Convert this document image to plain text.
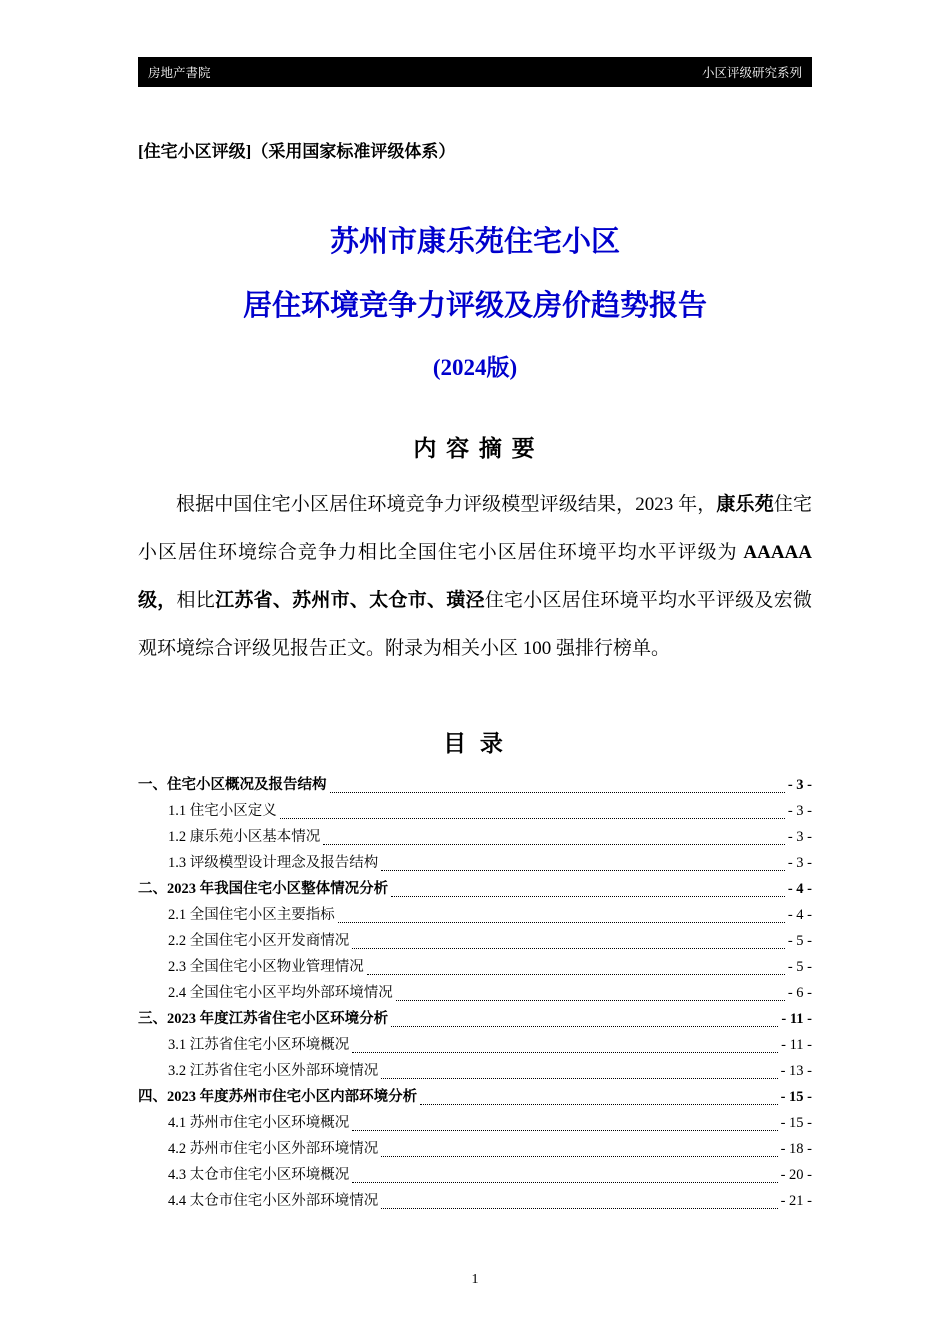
房地产書院	小区评级研究系列
[住宅小区评级]（采用国家标准评级体系）
苏州市康乐苑住宅小区
居住环境竞争力评级及房价趋势报告
(2024版)
内 容 摘 要

根据中国住宅小区居住环境竞争力评级模型评级结果，2023 年，康乐苑住宅小区居住环境综合竞争力相比全国住宅小区居住环境平均水平评级为 AAAAA 级，相比江苏省、苏州市、太仓市、璜泾住宅小区居住环境平均水平评级及宏微观环境综合评级见报告正文。附录为相关小区 100 强排行榜单。

目 录
一、住宅小区概况及报告结构	- 3 -
1.1 住宅小区定义	- 3 -
1.2 康乐苑小区基本情况	- 3 -
1.3 评级模型设计理念及报告结构	- 3 -
二、2023 年我国住宅小区整体情况分析	- 4 -
2.1 全国住宅小区主要指标	- 4 -
2.2 全国住宅小区开发商情况	- 5 -
2.3 全国住宅小区物业管理情况	- 5 -
2.4 全国住宅小区平均外部环境情况	- 6 -
三、2023 年度江苏省住宅小区环境分析	- 11 -
3.1 江苏省住宅小区环境概况	- 11 -
3.2 江苏省住宅小区外部环境情况	- 13 -
四、2023 年度苏州市住宅小区内部环境分析	- 15 -
4.1 苏州市住宅小区环境概况	- 15 -
4.2 苏州市住宅小区外部环境情况	- 18 -
4.3 太仓市住宅小区环境概况	- 20 -
4.4 太仓市住宅小区外部环境情况	- 21 -
1
